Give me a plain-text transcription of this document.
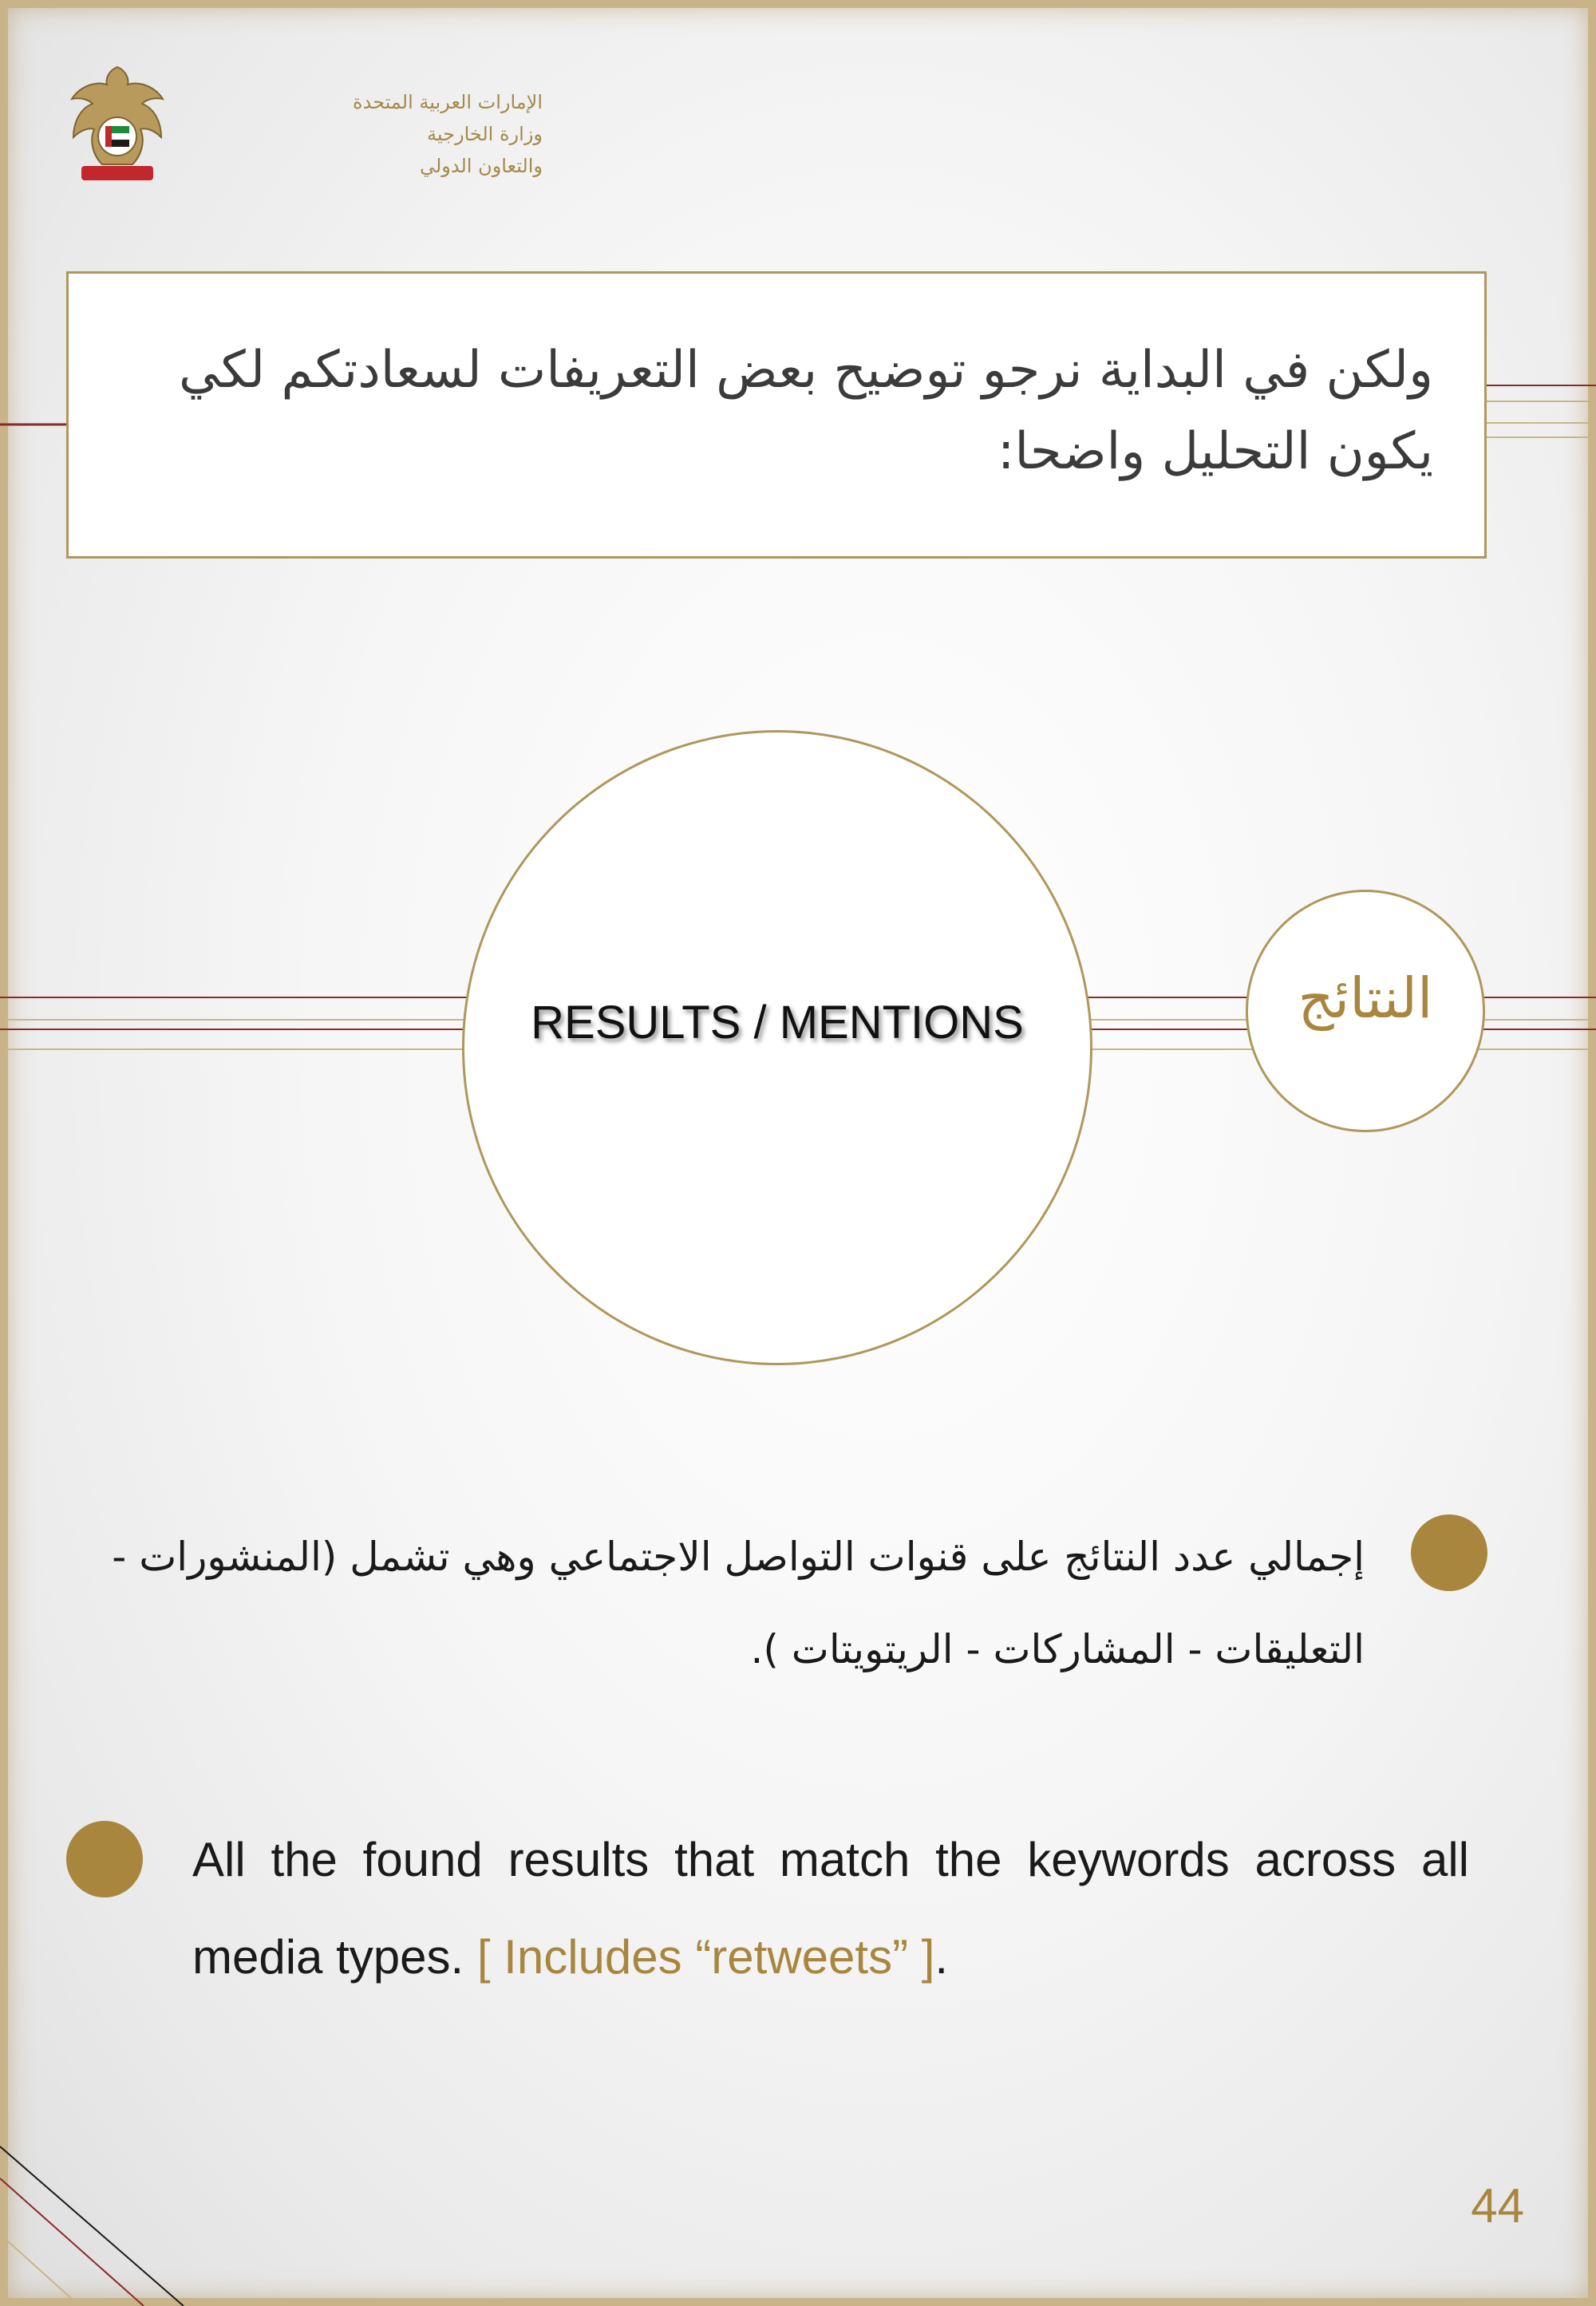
الإمارات العربية المتحدة
وزارة الخارجية
والتعاون الدولي
ولكن في البداية نرجو توضيح بعض التعريفات لسعادتكم لكي يكون التحليل واضحا:
RESULTS / MENTIONS	النتائج
إجمالي عدد النتائج على قنوات التواصل الاجتماعي وهي تشمل (المنشورات - التعليقات - المشاركات - الريتويتات ).
All the found results that match the keywords across all media types. [ Includes “retweets” ].
44
